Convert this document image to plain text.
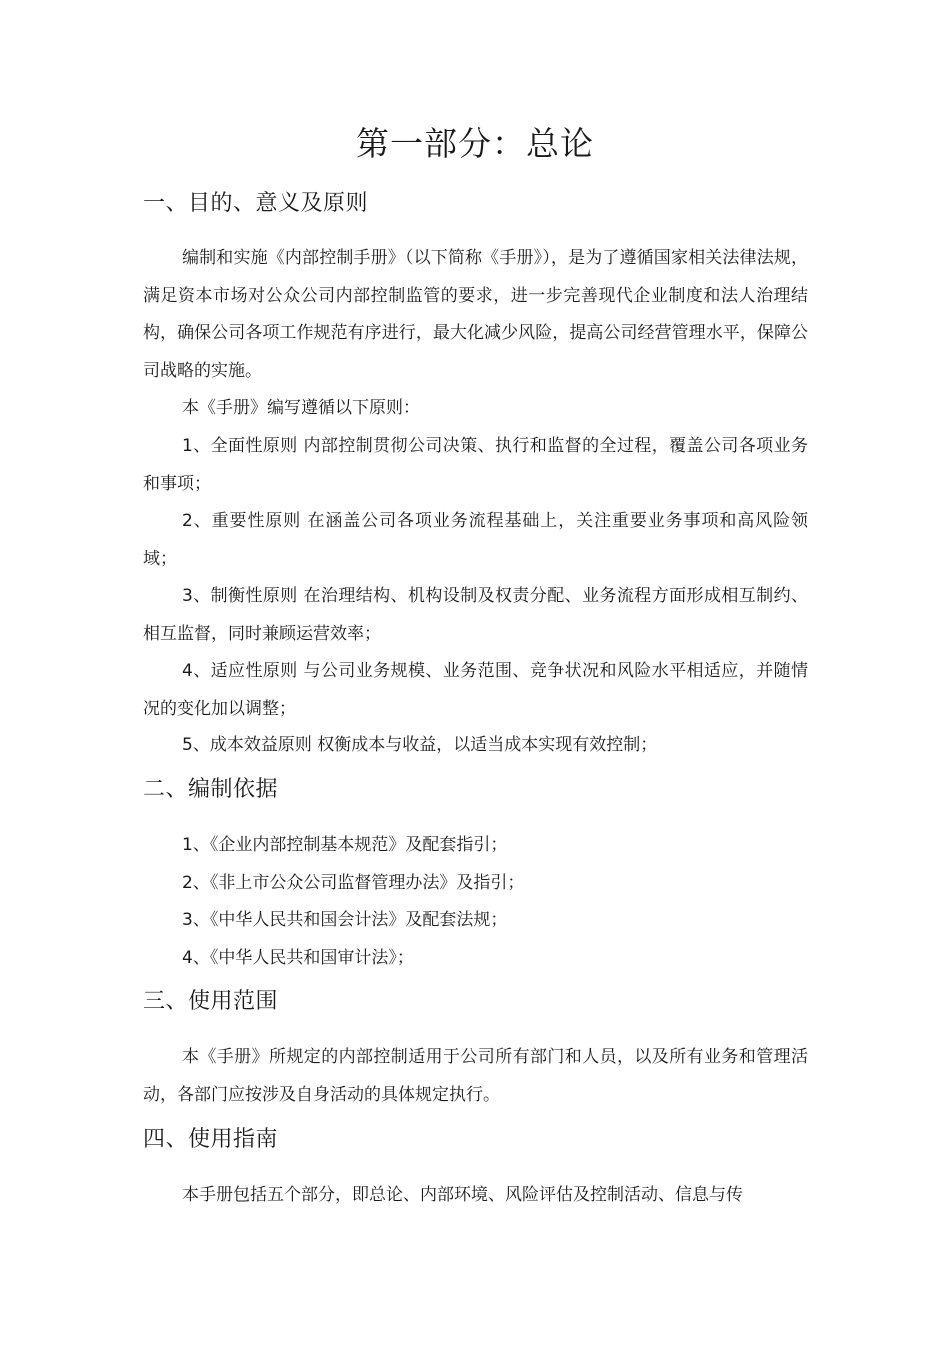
第一部分：总论
一、目的、意义及原则

编制和实施《内部控制手册》（以下简称《手册》），是为了遵循国家相关法律法规，满足资本市场对公众公司内部控制监管的要求，进一步完善现代企业制度和法人治理结构，确保公司各项工作规范有序进行，最大化减少风险，提高公司经营管理水平，保障公司战略的实施。

本《手册》编写遵循以下原则：

1、全面性原则 内部控制贯彻公司决策、执行和监督的全过程，覆盖公司各项业务和事项；

2、重要性原则 在涵盖公司各项业务流程基础上，关注重要业务事项和高风险领域；

3、制衡性原则 在治理结构、机构设制及权责分配、业务流程方面形成相互制约、相互监督，同时兼顾运营效率；

4、适应性原则 与公司业务规模、业务范围、竞争状况和风险水平相适应，并随情况的变化加以调整；

5、成本效益原则 权衡成本与收益，以适当成本实现有效控制；

二、编制依据
1、《企业内部控制基本规范》及配套指引；
2、《非上市公众公司监督管理办法》及指引；
3、《中华人民共和国会计法》及配套法规；
4、《中华人民共和国审计法》；
三、使用范围

本《手册》所规定的内部控制适用于公司所有部门和人员，以及所有业务和管理活动，各部门应按涉及自身活动的具体规定执行。

四、使用指南

本手册包括五个部分，即总论、内部环境、风险评估及控制活动、信息与传
